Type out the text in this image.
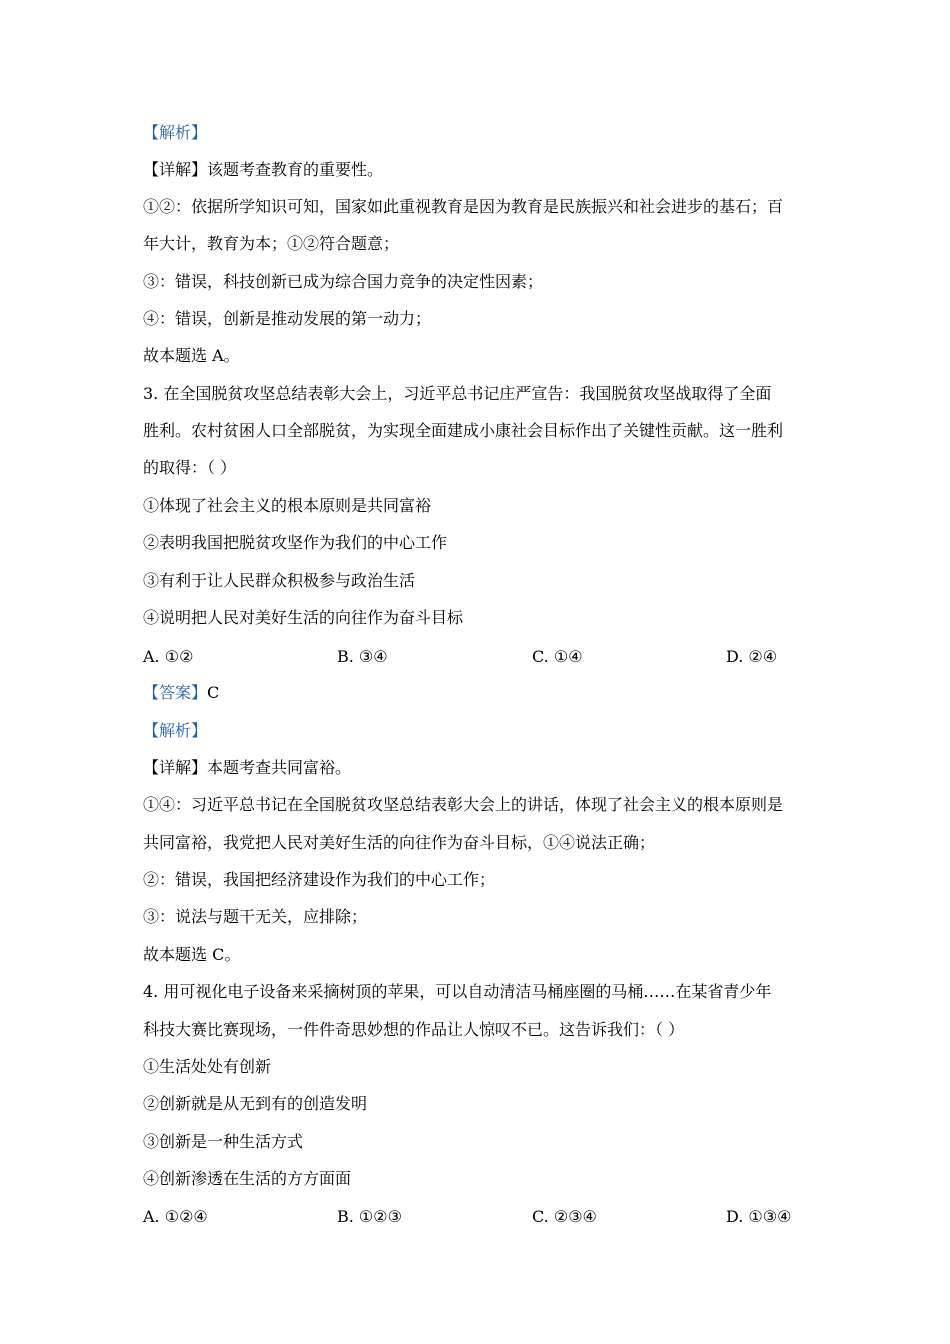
【解析】
【详解】该题考查教育的重要性。
①②：依据所学知识可知，国家如此重视教育是因为教育是民族振兴和社会进步的基石；百
年大计，教育为本；①②符合题意；
③：错误，科技创新已成为综合国力竞争的决定性因素；
④：错误，创新是推动发展的第一动力；
故本题选 A。
3. 在全国脱贫攻坚总结表彰大会上，习近平总书记庄严宣告：我国脱贫攻坚战取得了全面
胜利。农村贫困人口全部脱贫，为实现全面建成小康社会目标作出了关键性贡献。这一胜利
的取得：（ ）
①体现了社会主义的根本原则是共同富裕
②表明我国把脱贫攻坚作为我们的中心工作
③有利于让人民群众积极参与政治生活
④说明把人民对美好生活的向往作为奋斗目标
A. ①②	B. ③④	C. ①④	D. ②④
【答案】C
【解析】
【详解】本题考查共同富裕。
①④：习近平总书记在全国脱贫攻坚总结表彰大会上的讲话，体现了社会主义的根本原则是
共同富裕，我党把人民对美好生活的向往作为奋斗目标，①④说法正确；
②：错误，我国把经济建设作为我们的中心工作；
③：说法与题干无关，应排除；
故本题选 C。
4. 用可视化电子设备来采摘树顶的苹果，可以自动清洁马桶座圈的马桶……在某省青少年
科技大赛比赛现场，一件件奇思妙想的作品让人惊叹不已。这告诉我们：（ ）
①生活处处有创新
②创新就是从无到有的创造发明
③创新是一种生活方式
④创新渗透在生活的方方面面
A. ①②④	B. ①②③	C. ②③④	D. ①③④
